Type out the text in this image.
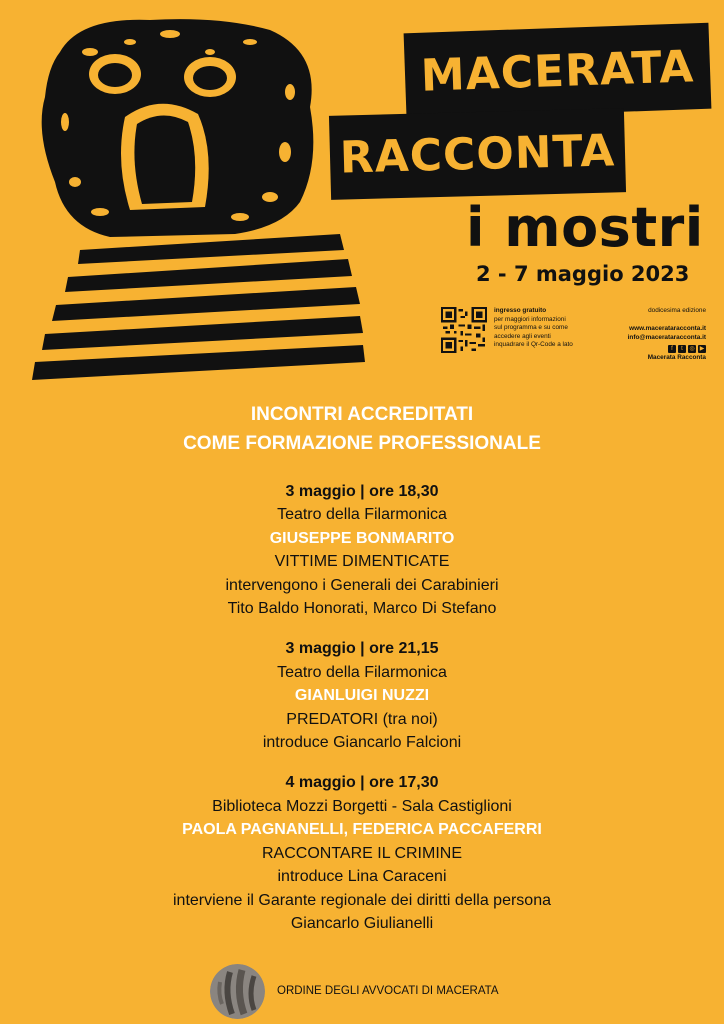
MACERATA
RACCONTA
i mostri
2 - 7 maggio 2023
ingresso gratuito
per maggiori informazioni
sul programma e su come
accedere agli eventi
inquadrare il Qr-Code a lato
dodicesima edizione
www.macerataracconta.it
info@macerataracconta.it
f	t	◎ ▶
Macerata Racconta
INCONTRI ACCREDITATI
COME FORMAZIONE PROFESSIONALE
3 maggio | ore 18,30
Teatro della Filarmonica
GIUSEPPE BONMARITO
VITTIME DIMENTICATE
intervengono i Generali dei Carabinieri
Tito Baldo Honorati, Marco Di Stefano
3 maggio | ore 21,15
Teatro della Filarmonica
GIANLUIGI NUZZI
PREDATORI (tra noi)
introduce Giancarlo Falcioni
4 maggio | ore 17,30
Biblioteca Mozzi Borgetti - Sala Castiglioni
PAOLA PAGNANELLI, FEDERICA PACCAFERRI
RACCONTARE IL CRIMINE
introduce Lina Caraceni
interviene il Garante regionale dei diritti della persona
Giancarlo Giulianelli
ORDINE DEGLI AVVOCATI DI MACERATA
